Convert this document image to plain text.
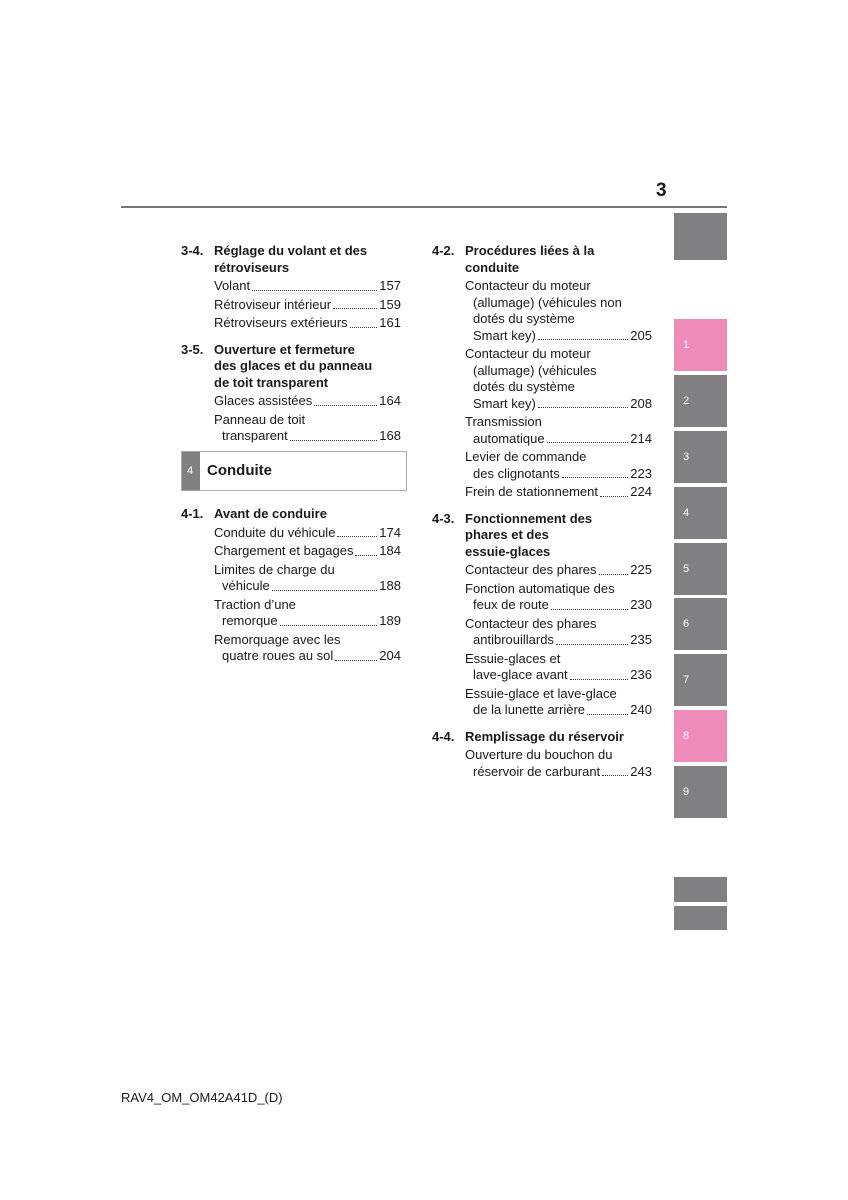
3
1
2
3
4
5
6
7
8
9
3-4. Réglage du volant et des
rétroviseurs
Volant	157
Rétroviseur intérieur	159
Rétroviseurs extérieurs 161
3-5. Ouverture et fermeture
des glaces et du panneau
de toit transparent
Glaces assistées	164
Panneau de toit
transparent	168
4 Conduite
4-1. Avant de conduire
Conduite du véhicule	174
Chargement et bagages 184
Limites de charge du
véhicule	188
Traction d’une
remorque	189
Remorquage avec les
quatre roues au sol	204
4-2. Procédures liées à la
conduite
Contacteur du moteur
(allumage) (véhicules non
dotés du système
Smart key)	205
Contacteur du moteur
(allumage) (véhicules
dotés du système
Smart key)	208
Transmission
automatique	214
Levier de commande
des clignotants	223
Frein de stationnement 224
4-3. Fonctionnement des
phares et des
essuie-glaces
Contacteur des phares	225
Fonction automatique des
feux de route	230
Contacteur des phares
antibrouillards	235
Essuie-glaces et
lave-glace avant	236
Essuie-glace et lave-glace
de la lunette arrière	240
4-4. Remplissage du réservoir
Ouverture du bouchon du
réservoir de carburant 243
RAV4_OM_OM42A41D_(D)
